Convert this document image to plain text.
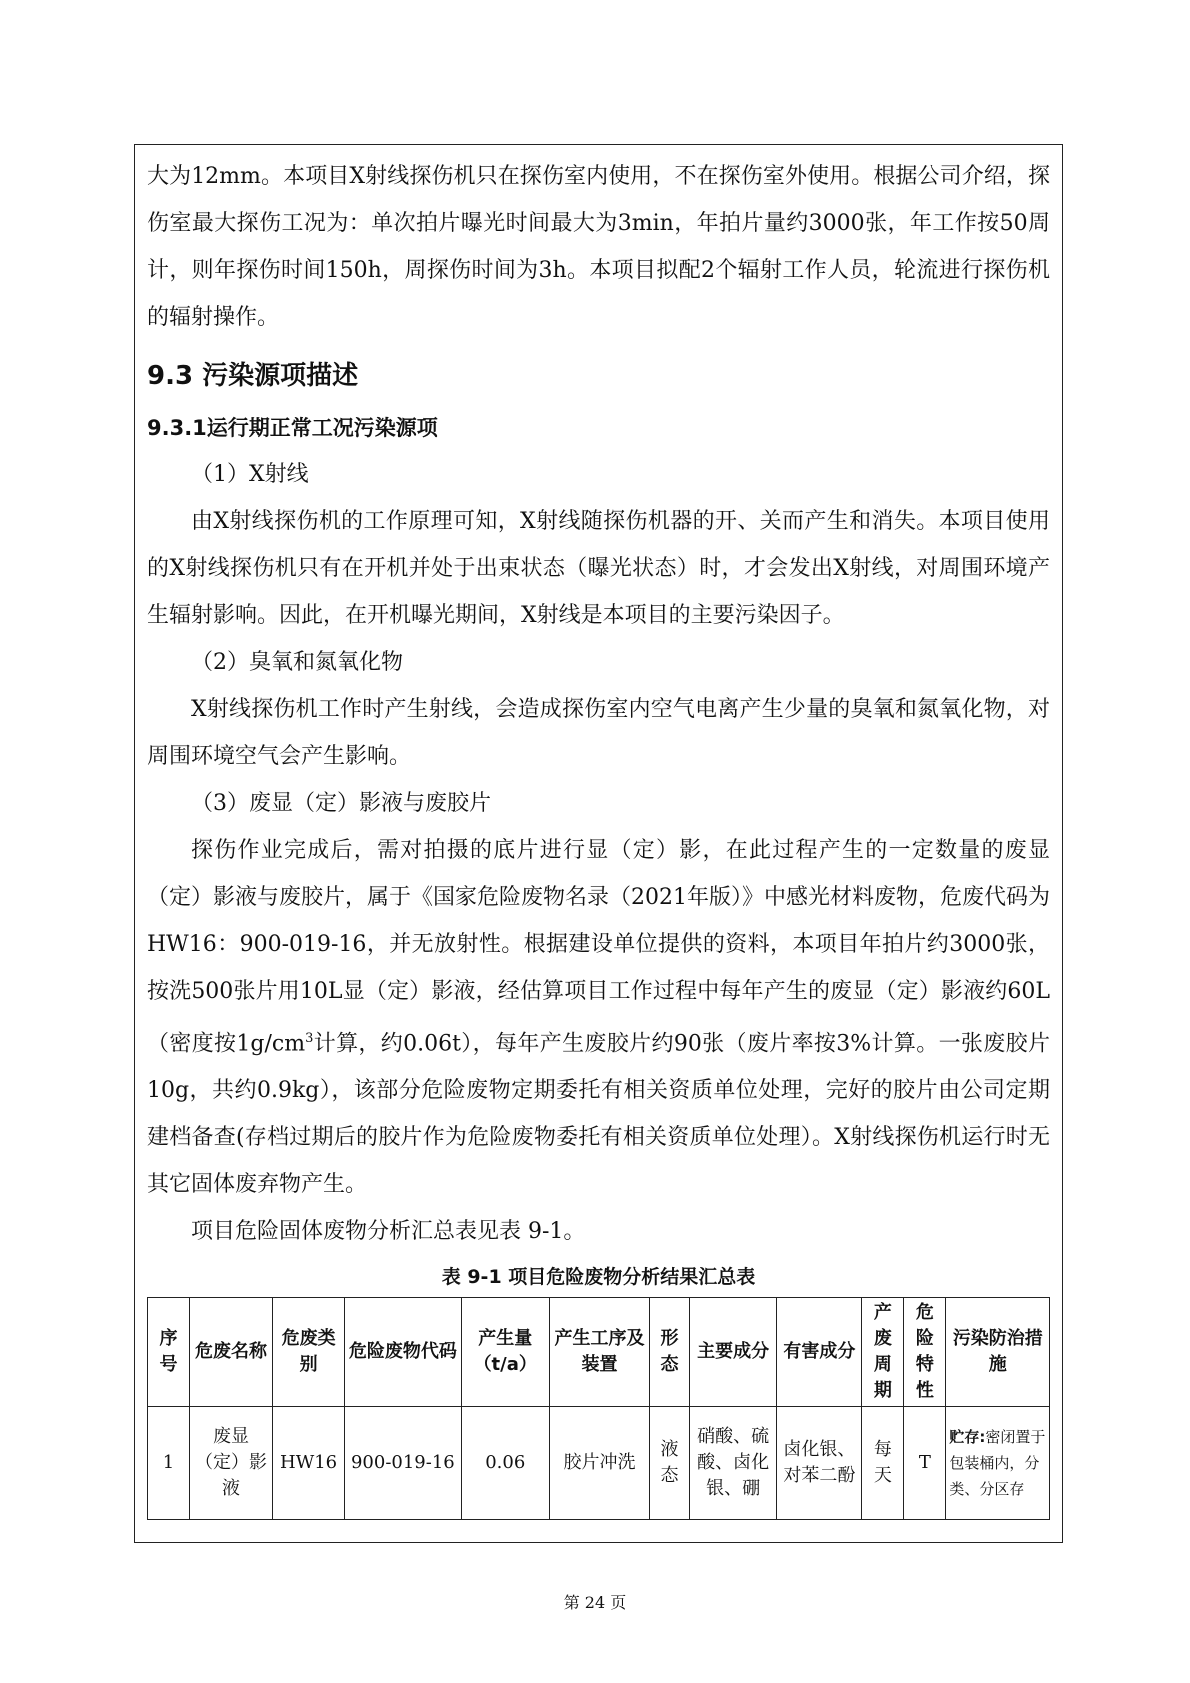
大为12mm。本项目X射线探伤机只在探伤室内使用，不在探伤室外使用。根据公司介绍，探伤室最大探伤工况为：单次拍片曝光时间最大为3min，年拍片量约3000张，年工作按50周计，则年探伤时间150h，周探伤时间为3h。本项目拟配2个辐射工作人员，轮流进行探伤机的辐射操作。

9.3 污染源项描述
9.3.1运行期正常工况污染源项
（1）X射线

由X射线探伤机的工作原理可知，X射线随探伤机器的开、关而产生和消失。本项目使用的X射线探伤机只有在开机并处于出束状态（曝光状态）时，才会发出X射线，对周围环境产生辐射影响。因此，在开机曝光期间，X射线是本项目的主要污染因子。

（2）臭氧和氮氧化物

X射线探伤机工作时产生射线，会造成探伤室内空气电离产生少量的臭氧和氮氧化物，对周围环境空气会产生影响。

（3）废显（定）影液与废胶片

探伤作业完成后，需对拍摄的底片进行显（定）影，在此过程产生的一定数量的废显（定）影液与废胶片，属于《国家危险废物名录（2021年版）》中感光材料废物，危废代码为HW16：900-019-16，并无放射性。根据建设单位提供的资料，本项目年拍片约3000张，按洗500张片用10L显（定）影液，经估算项目工作过程中每年产生的废显（定）影液约60L（密度按$1g/cm^3$计算，约0.06t），每年产生废胶片约90张（废片率按3%计算。一张废胶片10g，共约0.9kg），该部分危险废物定期委托有相关资质单位处理，完好的胶片由公司定期建档备查(存档过期后的胶片作为危险废物委托有相关资质单位处理）。X射线探伤机运行时无其它固体废弃物产生。

项目危险固体废物分析汇总表见表 9-1。

表 9-1 项目危险废物分析结果汇总表
序号	危废名称	危废类别	危险废物代码	产生量（t/a）	产生工序及装置	形态	主要成分	有害成分	产废周期	危险特性	污染防治措施
1	废显（定）影液	HW16	900-019-16	0.06	胶片冲洗	液态	硝酸、硫酸、卤化银、硼	卤化银、对苯二酚	每天	T	贮存:密闭置于包装桶内，分类、分区存
第 24 页
